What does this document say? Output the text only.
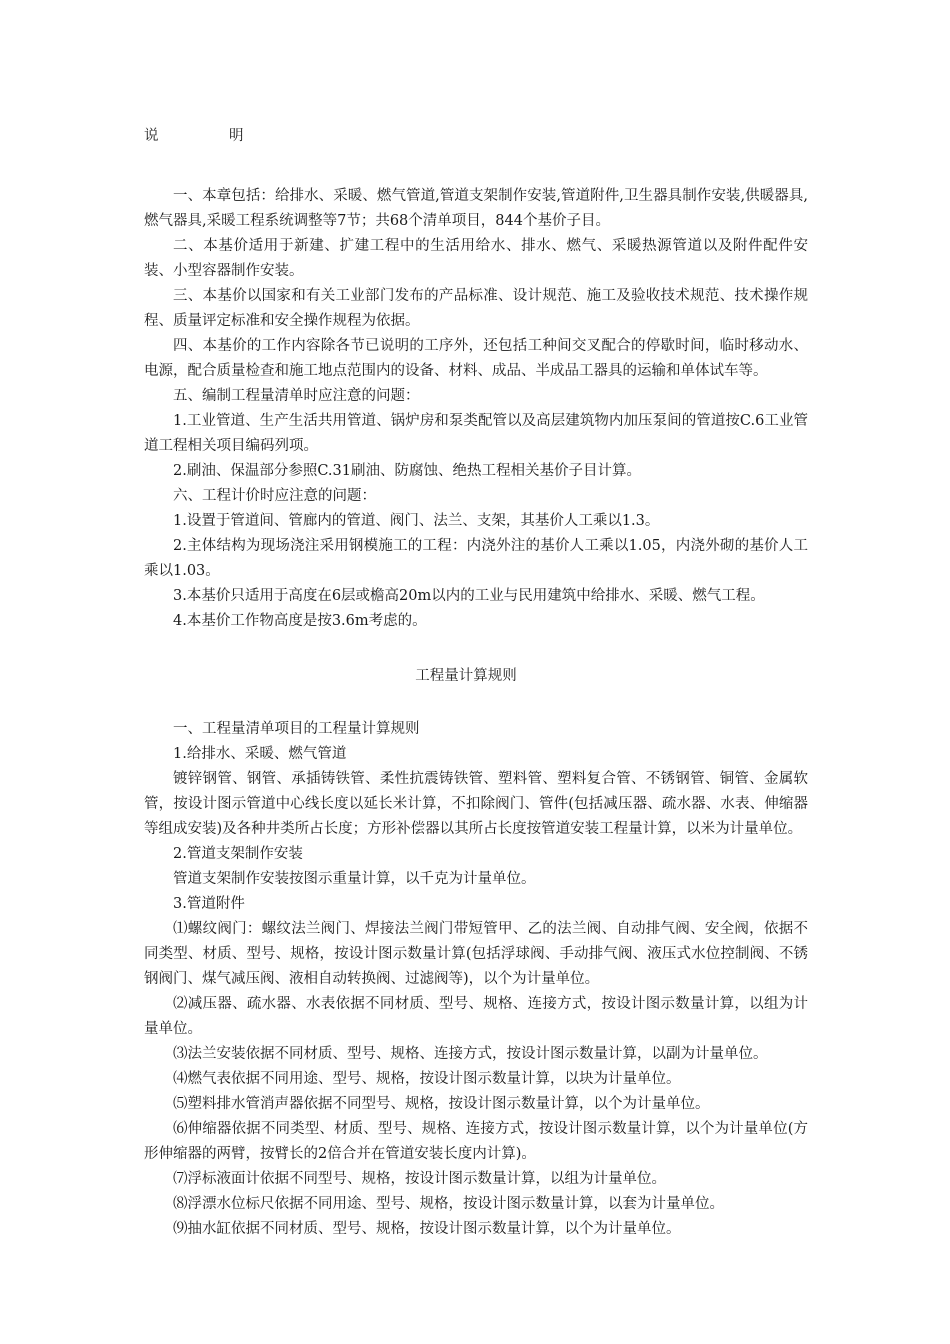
说　明

一、本章包括：给排水、采暖、燃气管道,管道支架制作安装,管道附件,卫生器具制作安装,供暖器具,燃气器具,采暖工程系统调整等7节；共68个清单项目，844个基价子目。

二、本基价适用于新建、扩建工程中的生活用给水、排水、燃气、采暖热源管道以及附件配件安装、小型容器制作安装。

三、本基价以国家和有关工业部门发布的产品标准、设计规范、施工及验收技术规范、技术操作规程、质量评定标准和安全操作规程为依据。

四、本基价的工作内容除各节已说明的工序外，还包括工种间交叉配合的停歇时间，临时移动水、电源，配合质量检查和施工地点范围内的设备、材料、成品、半成品工器具的运输和单体试车等。

五、编制工程量清单时应注意的问题：

1.工业管道、生产生活共用管道、锅炉房和泵类配管以及高层建筑物内加压泵间的管道按C.6工业管道工程相关项目编码列项。

2.刷油、保温部分参照C.31刷油、防腐蚀、绝热工程相关基价子目计算。

六、工程计价时应注意的问题：

1.设置于管道间、管廊内的管道、阀门、法兰、支架，其基价人工乘以1.3。

2.主体结构为现场浇注采用钢模施工的工程：内浇外注的基价人工乘以1.05，内浇外砌的基价人工乘以1.03。

3.本基价只适用于高度在6层或檐高20m以内的工业与民用建筑中给排水、采暖、燃气工程。

4.本基价工作物高度是按3.6m考虑的。

工程量计算规则

一、工程量清单项目的工程量计算规则

1.给排水、采暖、燃气管道

镀锌钢管、钢管、承插铸铁管、柔性抗震铸铁管、塑料管、塑料复合管、不锈钢管、铜管、金属软管，按设计图示管道中心线长度以延长米计算，不扣除阀门、管件(包括减压器、疏水器、水表、伸缩器等组成安装)及各种井类所占长度；方形补偿器以其所占长度按管道安装工程量计算，以米为计量单位。

2.管道支架制作安装

管道支架制作安装按图示重量计算，以千克为计量单位。

3.管道附件

⑴螺纹阀门：螺纹法兰阀门、焊接法兰阀门带短管甲、乙的法兰阀、自动排气阀、安全阀，依据不同类型、材质、型号、规格，按设计图示数量计算(包括浮球阀、手动排气阀、液压式水位控制阀、不锈钢阀门、煤气减压阀、液相自动转换阀、过滤阀等)，以个为计量单位。

⑵减压器、疏水器、水表依据不同材质、型号、规格、连接方式，按设计图示数量计算，以组为计量单位。

⑶法兰安装依据不同材质、型号、规格、连接方式，按设计图示数量计算，以副为计量单位。

⑷燃气表依据不同用途、型号、规格，按设计图示数量计算，以块为计量单位。

⑸塑料排水管消声器依据不同型号、规格，按设计图示数量计算，以个为计量单位。

⑹伸缩器依据不同类型、材质、型号、规格、连接方式，按设计图示数量计算，以个为计量单位(方形伸缩器的两臂，按臂长的2倍合并在管道安装长度内计算)。

⑺浮标液面计依据不同型号、规格，按设计图示数量计算，以组为计量单位。

⑻浮漂水位标尺依据不同用途、型号、规格，按设计图示数量计算，以套为计量单位。

⑼抽水缸依据不同材质、型号、规格，按设计图示数量计算，以个为计量单位。
